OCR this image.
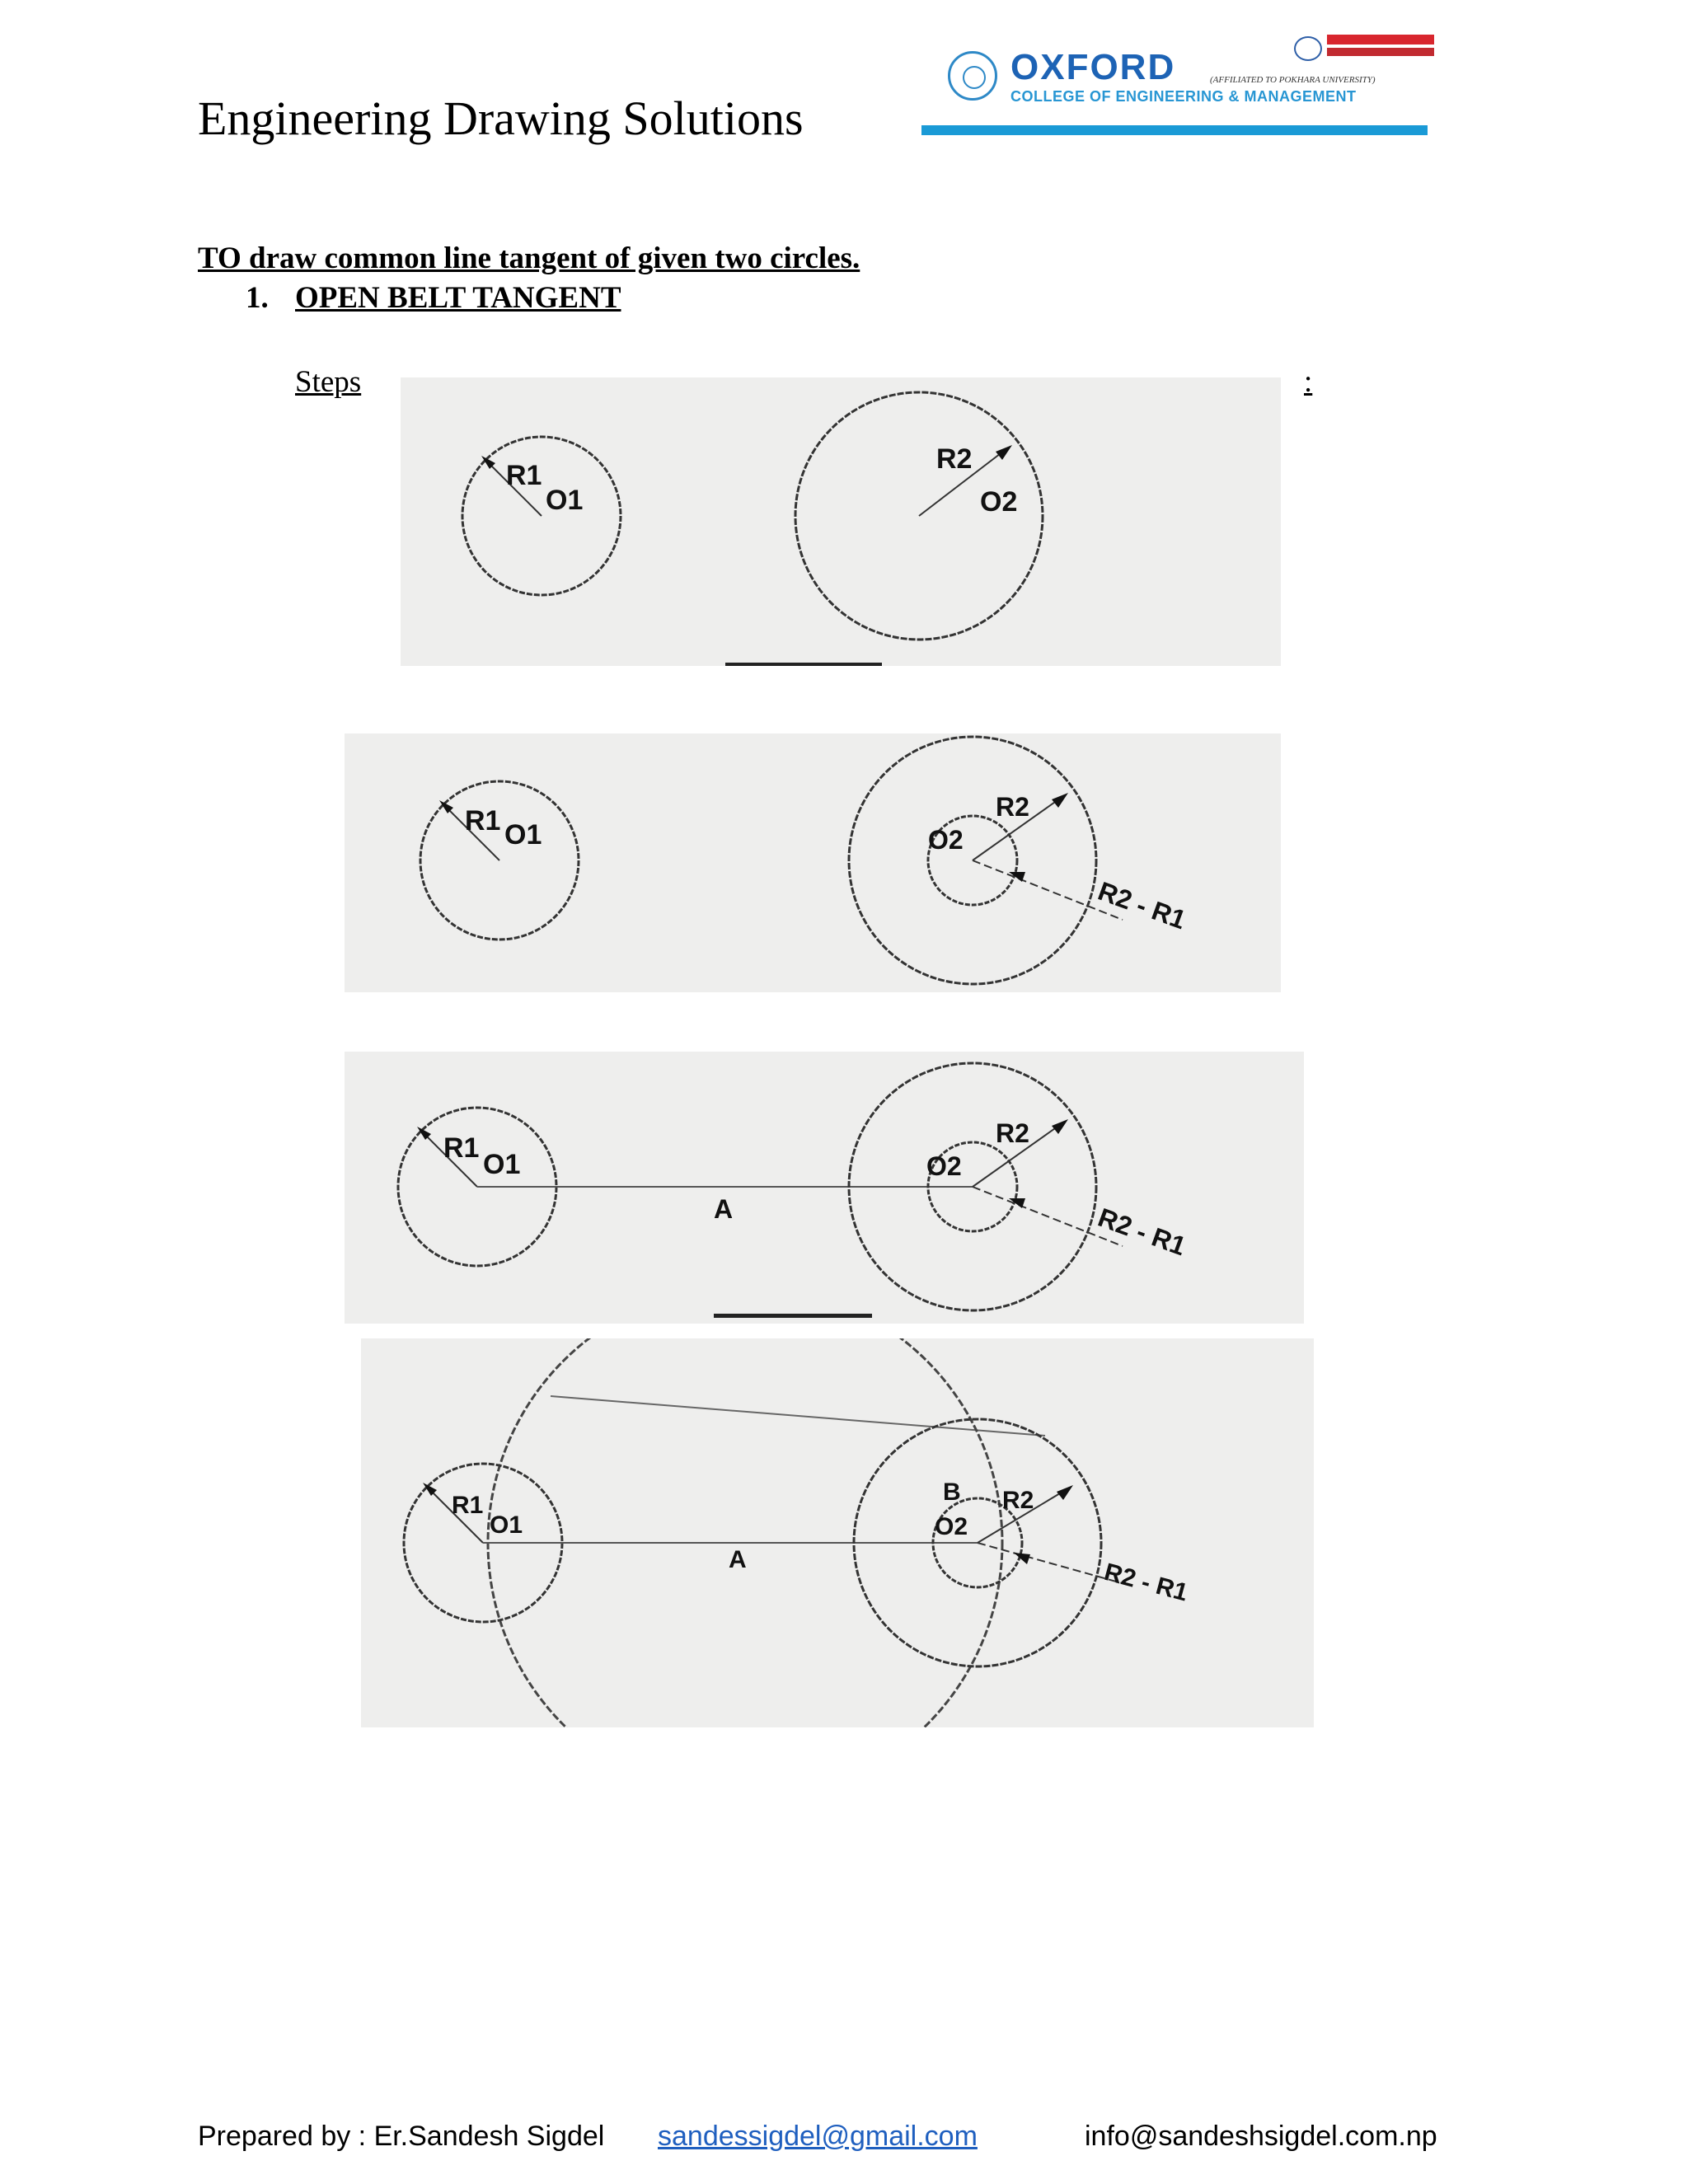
Engineering Drawing Solutions
OXFORD	(AFFILIATED TO POKHARA UNIVERSITY)
COLLEGE OF ENGINEERING & MANAGEMENT
TO draw common line tangent of given two circles.
1. OPEN BELT TANGENT
Steps	:
R1
O1
R2
O2
R1 O1
R2
O2
R2 - R1
R1
O1
A
R2
O2
R2 - R1
R1
O1
A
B R2
O2
R2 - R1
Prepared by : Er.Sandesh Sigdel sandessigdel@gmail.com	info@sandeshsigdel.com.np
